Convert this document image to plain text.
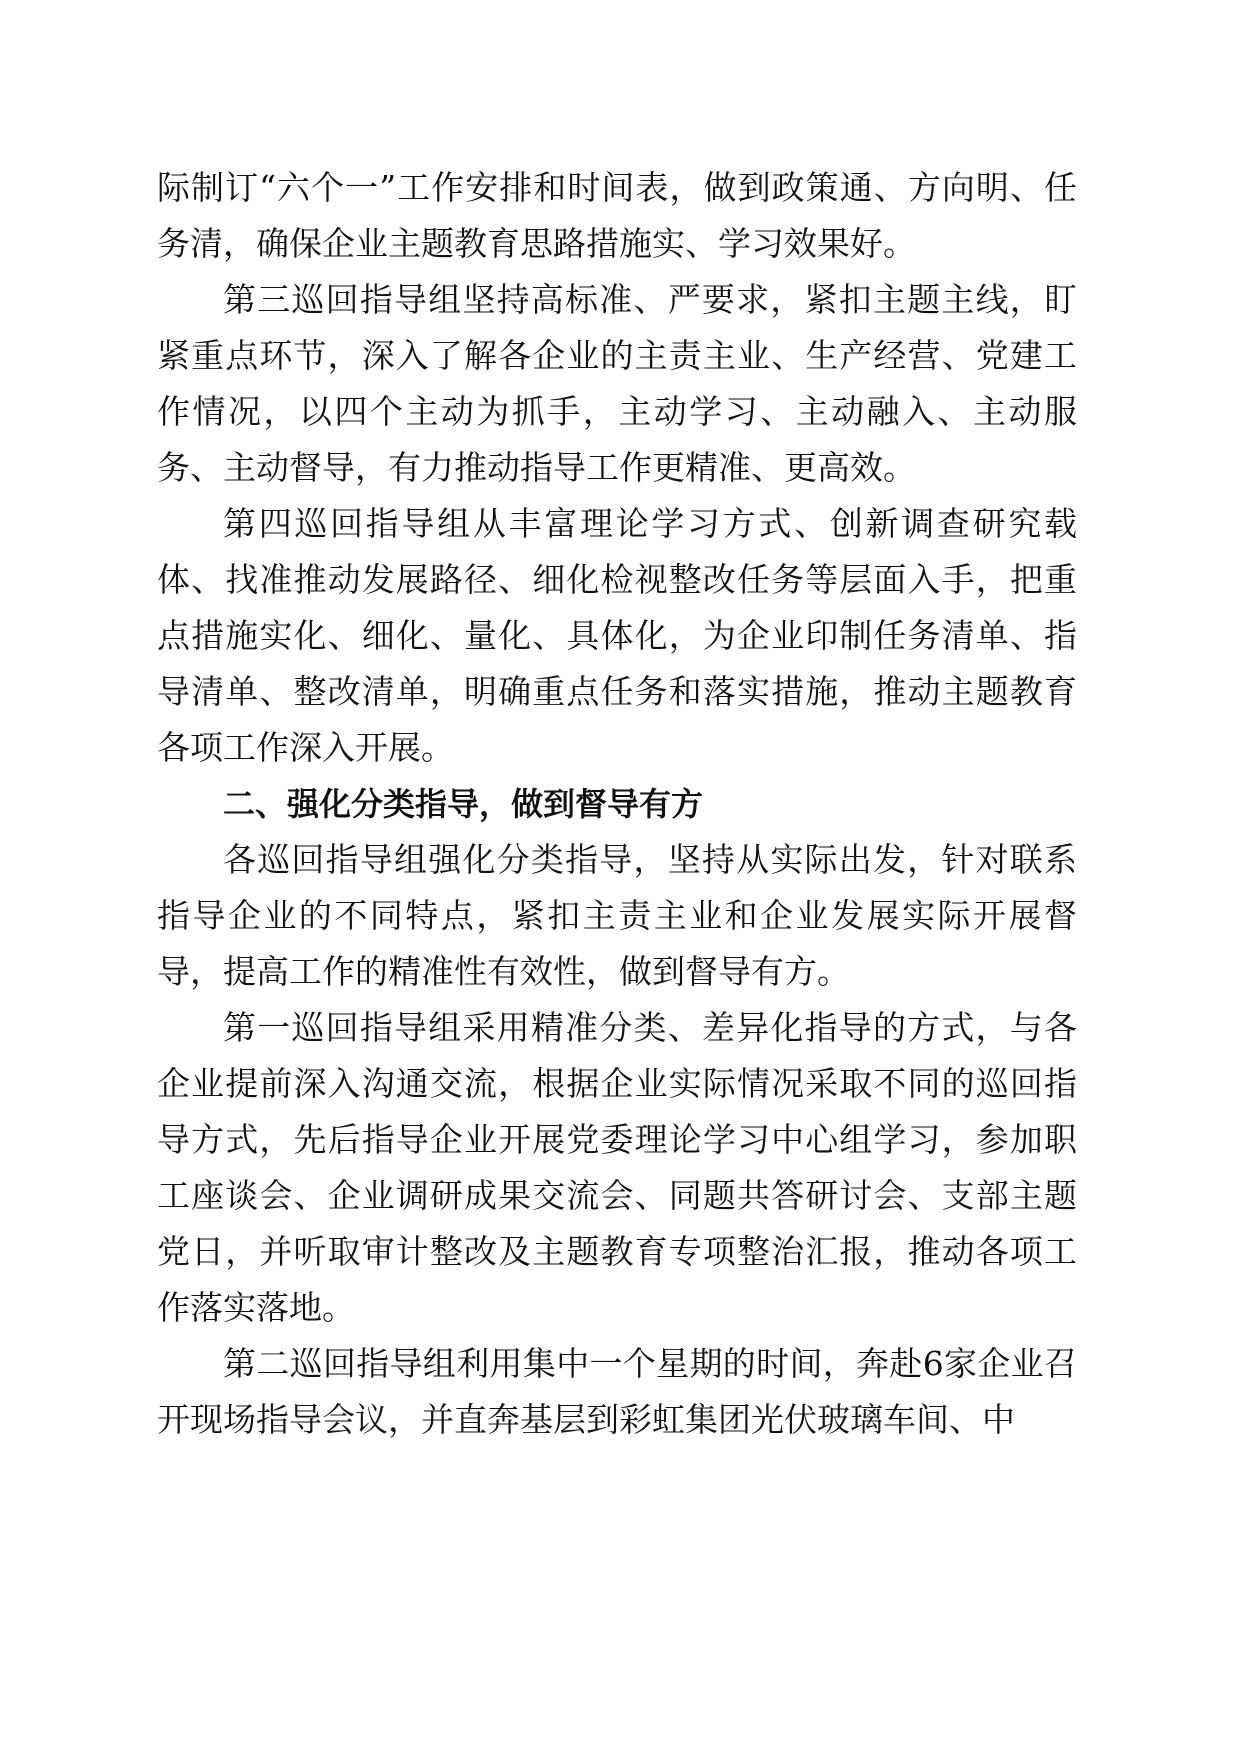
际制订“六个一”工作安排和时间表，做到政策通、方向明、任务清，确保企业主题教育思路措施实、学习效果好。

第三巡回指导组坚持高标准、严要求，紧扣主题主线，盯紧重点环节，深入了解各企业的主责主业、生产经营、党建工作情况，以四个主动为抓手，主动学习、主动融入、主动服务、主动督导，有力推动指导工作更精准、更高效。

第四巡回指导组从丰富理论学习方式、创新调查研究载体、找准推动发展路径、细化检视整改任务等层面入手，把重点措施实化、细化、量化、具体化，为企业印制任务清单、指导清单、整改清单，明确重点任务和落实措施，推动主题教育各项工作深入开展。

二、强化分类指导，做到督导有方

各巡回指导组强化分类指导，坚持从实际出发，针对联系指导企业的不同特点，紧扣主责主业和企业发展实际开展督导，提高工作的精准性有效性，做到督导有方。

第一巡回指导组采用精准分类、差异化指导的方式，与各企业提前深入沟通交流，根据企业实际情况采取不同的巡回指导方式，先后指导企业开展党委理论学习中心组学习，参加职工座谈会、企业调研成果交流会、同题共答研讨会、支部主题党日，并听取审计整改及主题教育专项整治汇报，推动各项工作落实落地。

第二巡回指导组利用集中一个星期的时间，奔赴6家企业召开现场指导会议，并直奔基层到彩虹集团光伏玻璃车间、中
